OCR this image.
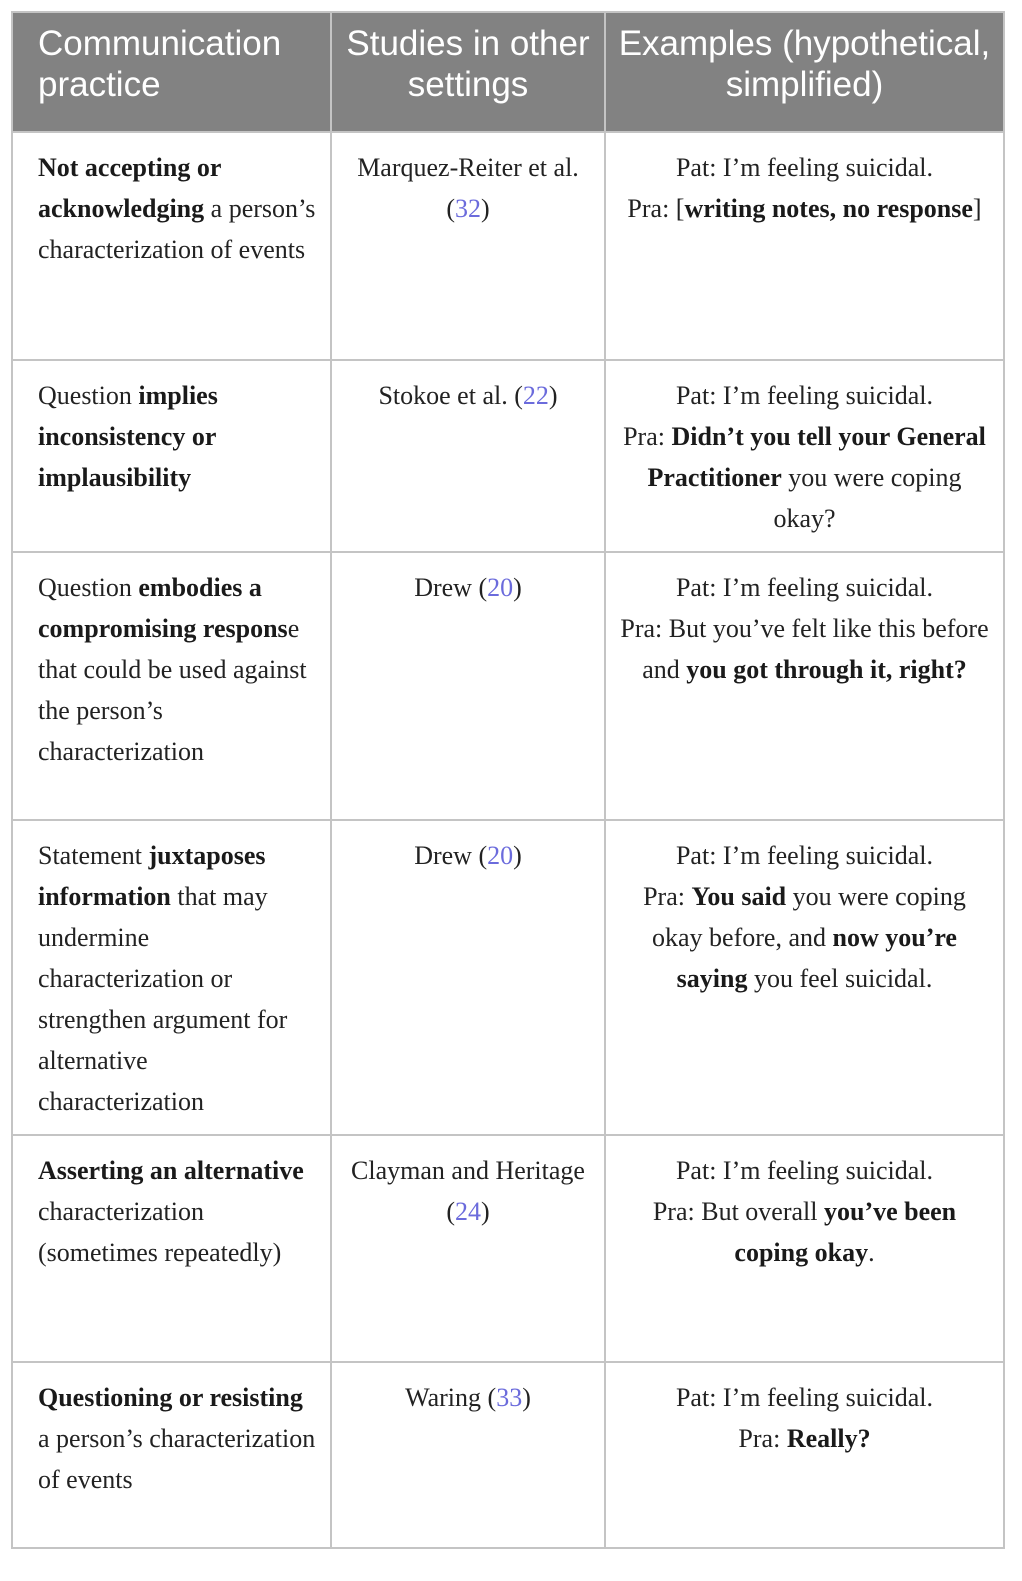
Communication practice	Studies in other settings	Examples (hypothetical, simplified)
Not accepting or acknowledging a person’s characterization of events	Marquez-Reiter et al. (32)	Pat: I’m feeling suicidal.
Pra: [writing notes, no response]

Question implies inconsistency or implausibility	Stokoe et al. (22)	Pat: I’m feeling suicidal.
Pra: Didn’t you tell your General Practitioner you were coping okay?

Question embodies a compromising response that could be used against the person’s characterization	Drew (20)	Pat: I’m feeling suicidal.
Pra: But you’ve felt like this before and you got through it, right?

Statement juxtaposes information that may undermine characterization or strengthen argument for alternative characterization	Drew (20)	Pat: I’m feeling suicidal.
Pra: You said you were coping okay before, and now you’re saying you feel suicidal.

Asserting an alternative characterization (sometimes repeatedly)	Clayman and Heritage (24)	Pat: I’m feeling suicidal.
Pra: But overall you’ve been coping okay.

Questioning or resisting a person’s characterization of events	Waring (33)	Pat: I’m feeling suicidal.
Pra: Really?
